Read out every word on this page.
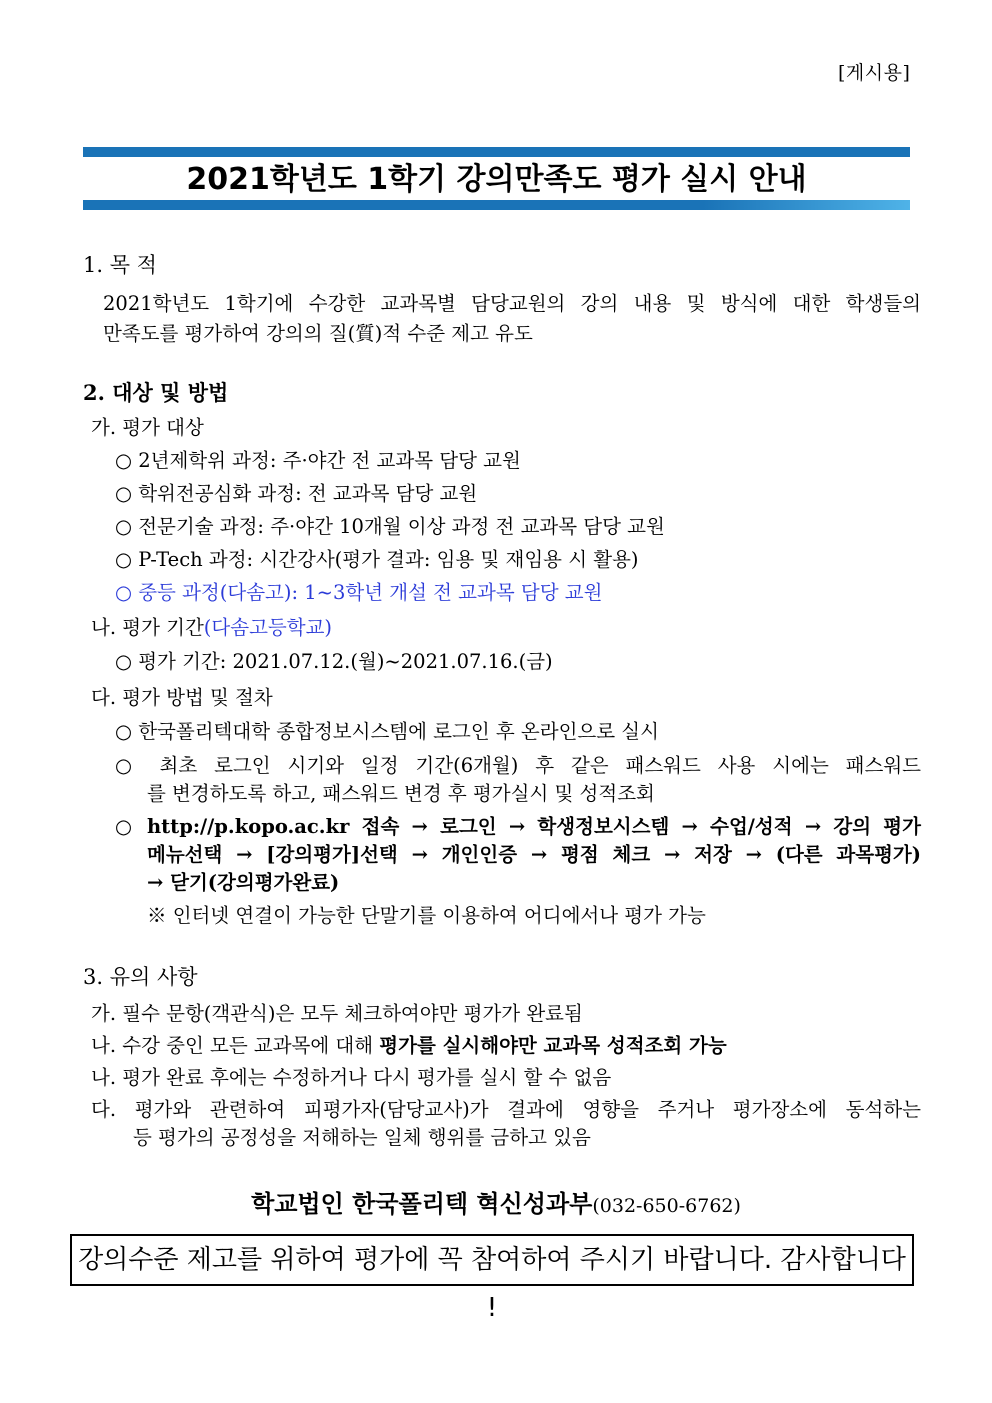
[게시용]
2021학년도 1학기 강의만족도 평가 실시 안내
1. 목 적
2021학년도 1학기에 수강한 교과목별 담당교원의 강의 내용 및 방식에 대한 학생들의
만족도를 평가하여 강의의 질(質)적 수준 제고 유도
2. 대상 및 방법
가. 평가 대상
○ 2년제학위 과정: 주·야간 전 교과목 담당 교원
○ 학위전공심화 과정: 전 교과목 담당 교원
○ 전문기술 과정: 주·야간 10개월 이상 과정 전 교과목 담당 교원
○ P-Tech 과정: 시간강사(평가 결과: 임용 및 재임용 시 활용)
○ 중등 과정(다솜고): 1~3학년 개설 전 교과목 담당 교원
나. 평가 기간(다솜고등학교)
○ 평가 기간: 2021.07.12.(월)~2021.07.16.(금)
다. 평가 방법 및 절차
○ 한국폴리텍대학 종합정보시스템에 로그인 후 온라인으로 실시
○ 최초 로그인 시기와 일정 기간(6개월) 후 같은 패스워드 사용 시에는 패스워드
를 변경하도록 하고, 패스워드 변경 후 평가실시 및 성적조회
○ http://p.kopo.ac.kr 접속 → 로그인 → 학생정보시스템 → 수업/성적 → 강의 평가
메뉴선택 → [강의평가]선택 → 개인인증 → 평점 체크 → 저장 → (다른 과목평가)
→ 닫기(강의평가완료)
※ 인터넷 연결이 가능한 단말기를 이용하여 어디에서나 평가 가능
3. 유의 사항
가. 필수 문항(객관식)은 모두 체크하여야만 평가가 완료됨
나. 수강 중인 모든 교과목에 대해 평가를 실시해야만 교과목 성적조회 가능
나. 평가 완료 후에는 수정하거나 다시 평가를 실시 할 수 없음
다. 평가와 관련하여 피평가자(담당교사)가 결과에 영향을 주거나 평가장소에 동석하는
등 평가의 공정성을 저해하는 일체 행위를 금하고 있음
학교법인 한국폴리텍 혁신성과부(032-650-6762)
강의수준 제고를 위하여 평가에 꼭 참여하여 주시기 바랍니다. 감사합니다 !
